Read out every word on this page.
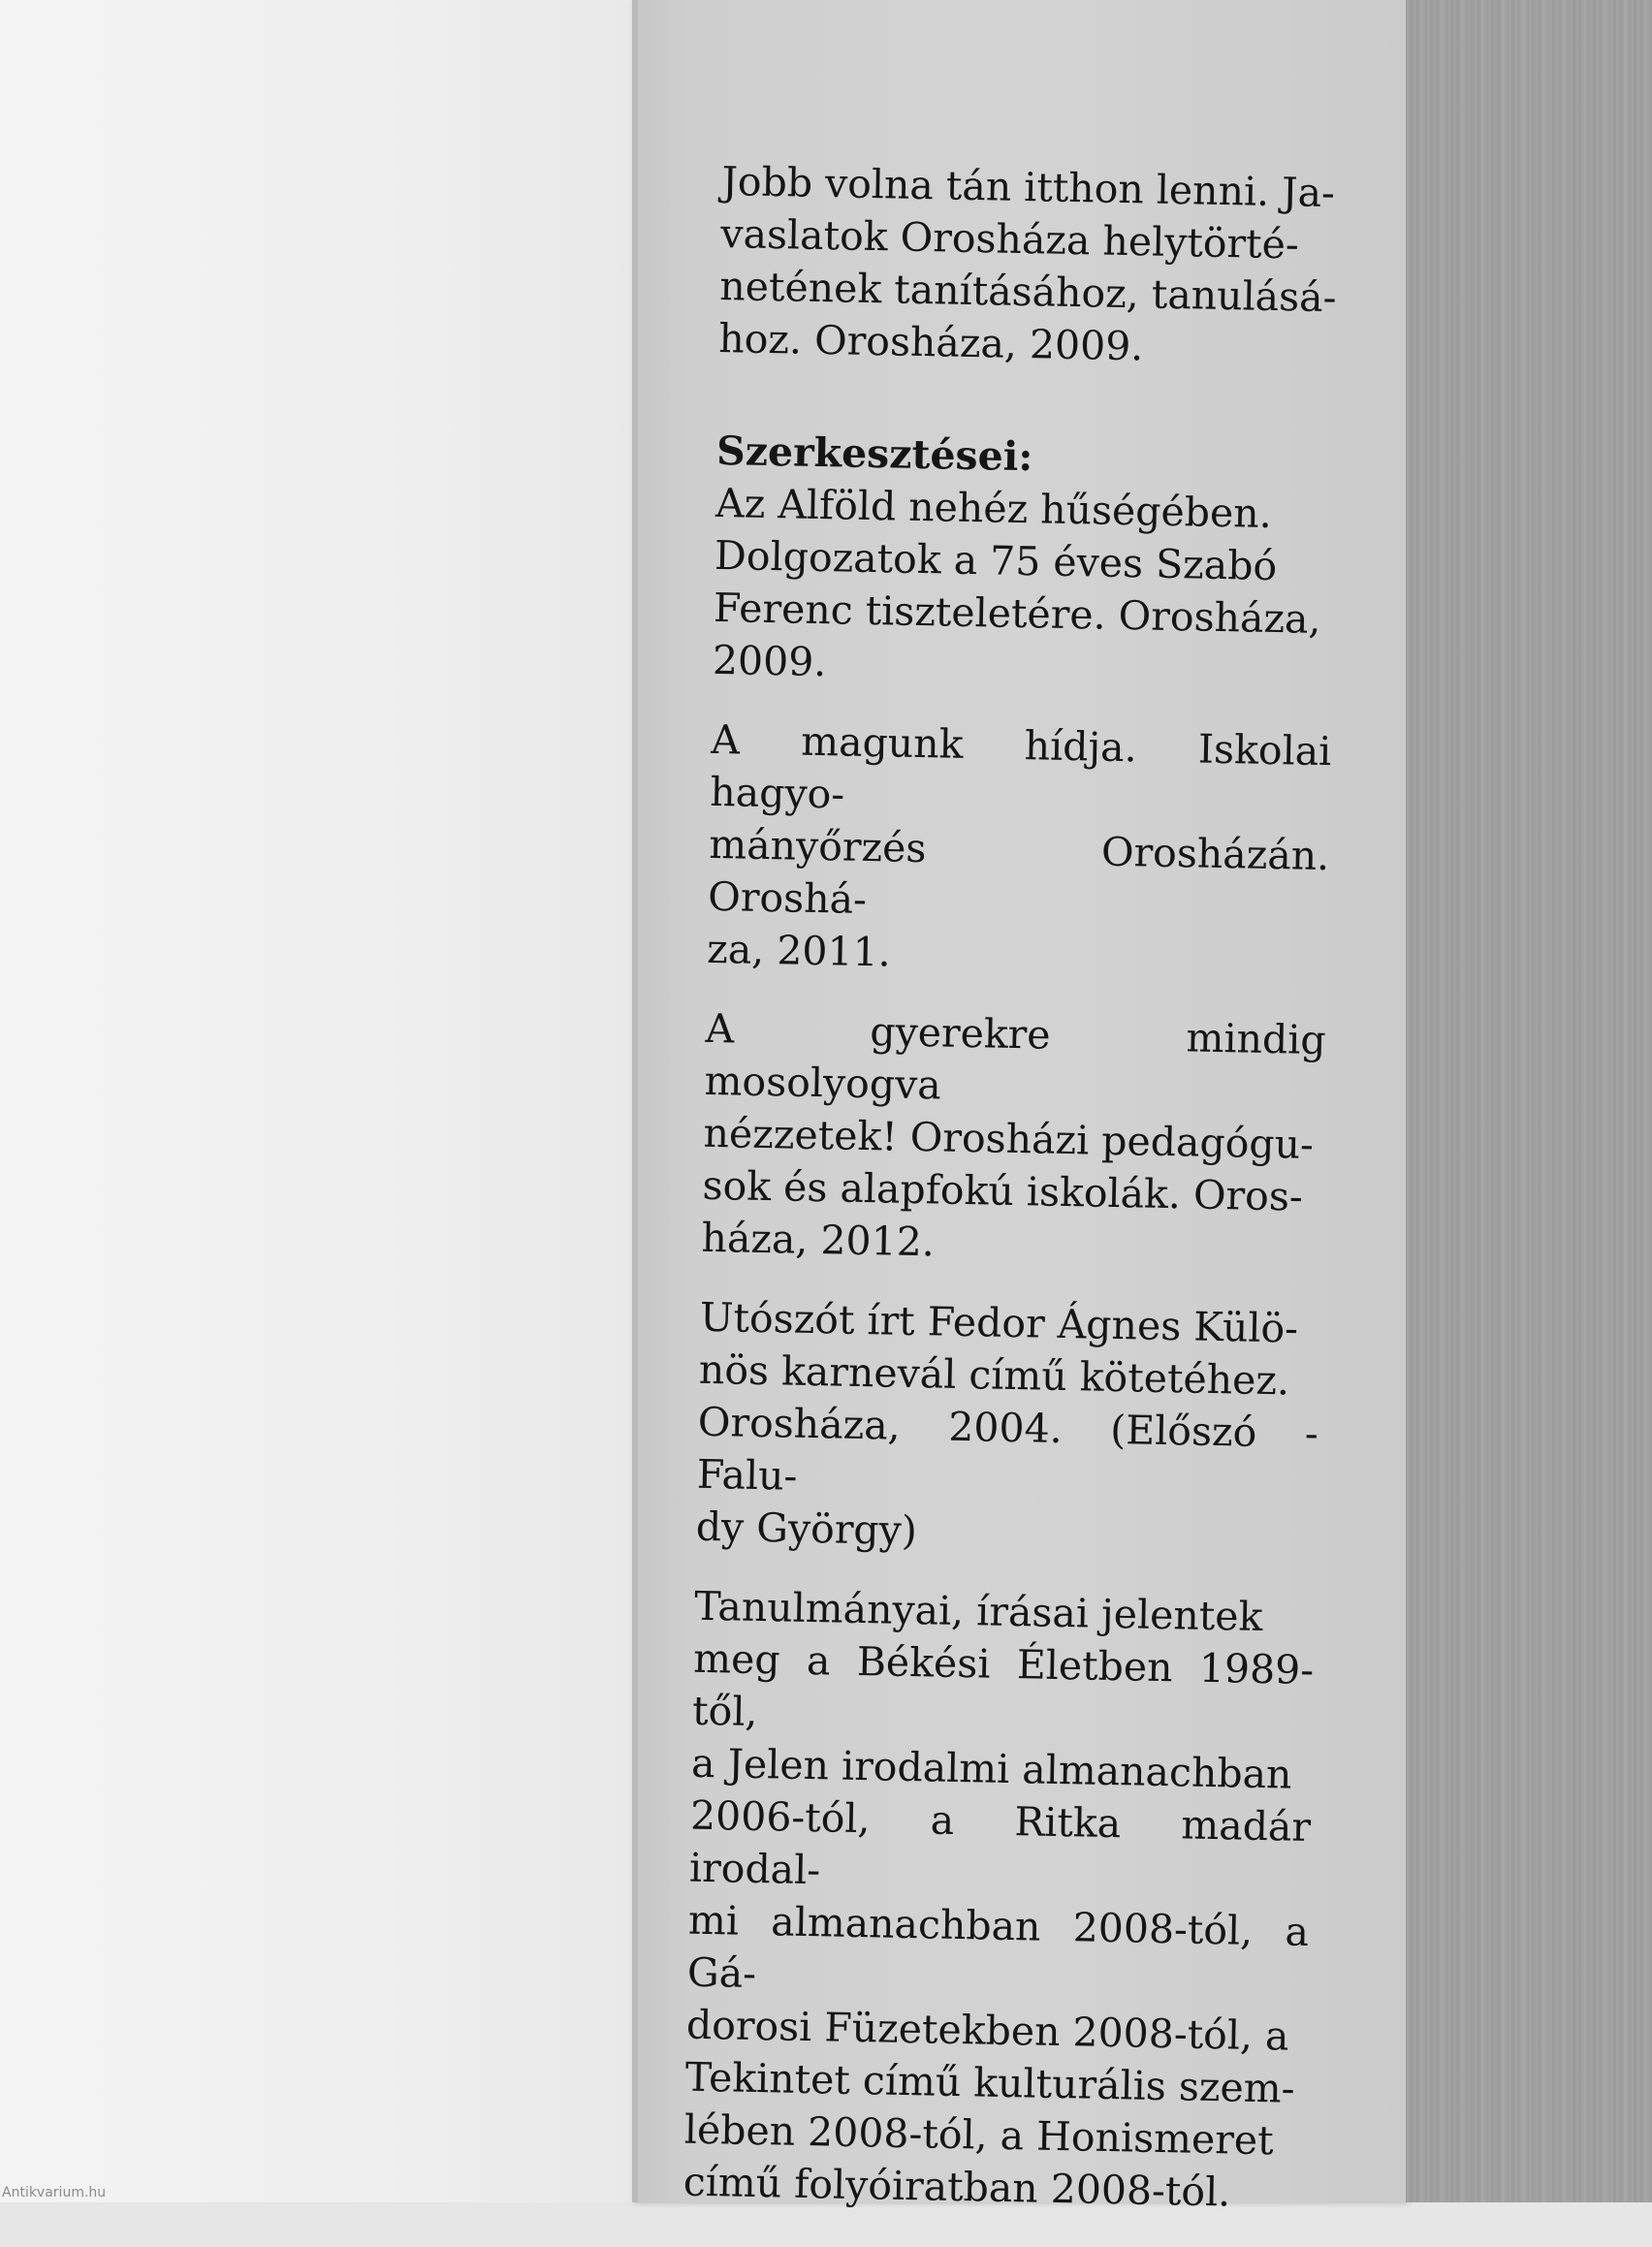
Jobb volna tán itthon lenni. Ja-
vaslatok Orosháza helytörté-
netének tanításához, tanulásá-
hoz. Orosháza, 2009.

Szerkesztései:

Az Alföld nehéz hűségében.
Dolgozatok a 75 éves Szabó
Ferenc tiszteletére. Orosháza,
2009.

A magunk hídja. Iskolai hagyo-
mányőrzés Orosházán. Oroshá-
za, 2011.

A gyerekre mindig mosolyogva
nézzetek! Orosházi pedagógu-
sok és alapfokú iskolák. Oros-
háza, 2012.

Utószót írt Fedor Ágnes Külö-
nös karnevál című kötetéhez.
Orosháza, 2004. (Előszó - Falu-
dy György)

Tanulmányai, írásai jelentek
meg a Békési Életben 1989-től,
a Jelen irodalmi almanachban
2006-tól, a Ritka madár irodal-
mi almanachban 2008-tól, a Gá-
dorosi Füzetekben 2008-tól, a
Tekintet című kulturális szem-
lében 2008-tól, a Honismeret
című folyóiratban 2008-tól.

Antikvarium.hu
